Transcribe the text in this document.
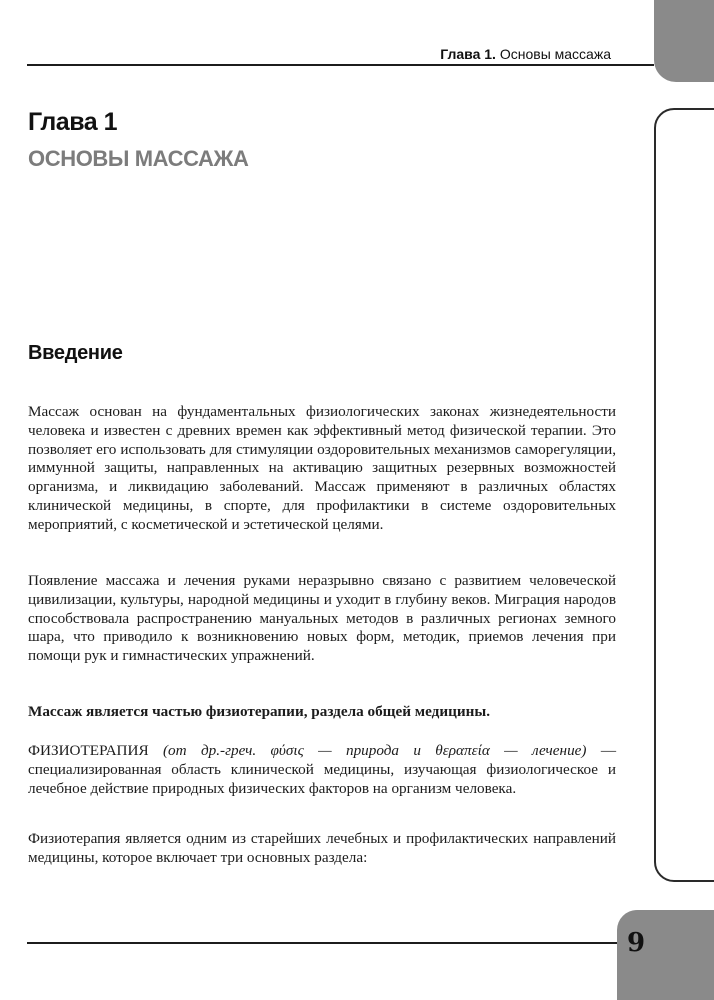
Глава 1. Основы массажа
Глава 1
ОСНОВЫ МАССАЖА
Введение
Массаж основан на фундаментальных физиологических законах жизнедеятельности человека и известен с древних времен как эффективный метод физической терапии. Это позволяет его использовать для стимуляции оздоровительных механизмов саморегуляции, иммунной защиты, направленных на активацию защитных резервных возможностей организма, и ликвидацию заболеваний. Массаж применяют в различных областях клинической медицины, в спорте, для профилактики в системе оздоровительных мероприятий, с косметической и эстетической целями.
Появление массажа и лечения руками неразрывно связано с развитием человеческой цивилизации, культуры, народной медицины и уходит в глубину веков. Миграция народов способствовала распространению мануальных методов в различных регионах земного шара, что приводило к возникновению новых форм, методик, приемов лечения при помощи рук и гимнастических упражнений.
Массаж является частью физиотерапии, раздела общей медицины.
ФИЗИОТЕРАПИЯ (от др.-греч. φύσις — природа и θεραπεία — лечение) — специализированная область клинической медицины, изучающая физиологическое и лечебное действие природных физических факторов на организм человека.
Физиотерапия является одним из старейших лечебных и профилактических направлений медицины, которое включает три основных раздела:
9
